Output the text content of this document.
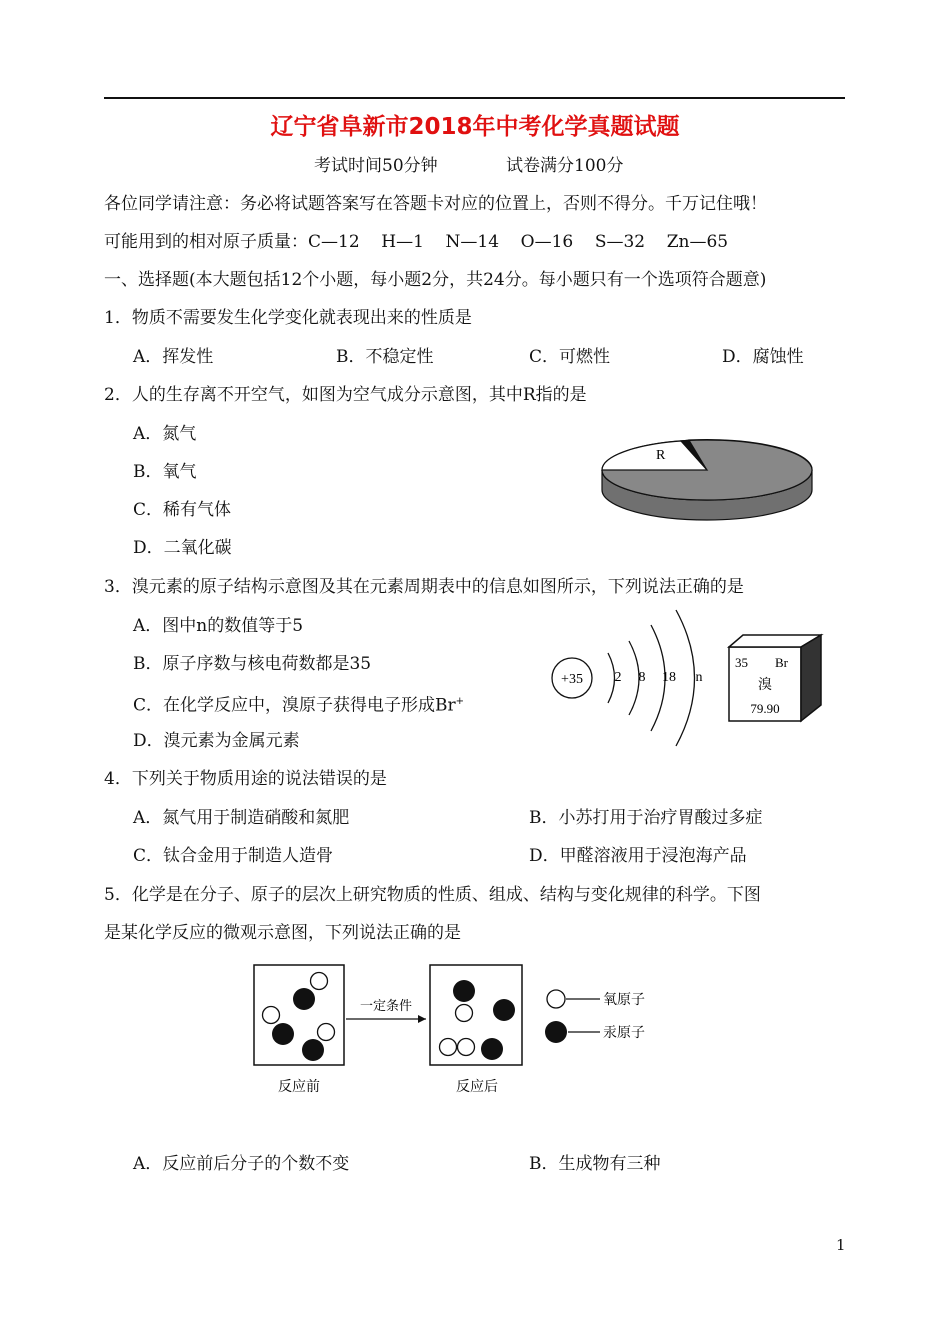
辽宁省阜新市2018年中考化学真题试题
考试时间50分钟	试卷满分100分
各位同学请注意：务必将试题答案写在答题卡对应的位置上，否则不得分。千万记住哦！
可能用到的相对原子质量：C—12    H—1    N—14    O—16    S—32    Zn—65
一、选择题(本大题包括12个小题，每小题2分，共24分。每小题只有一个选项符合题意)
1．物质不需要发生化学变化就表现出来的性质是
A．挥发性	B．不稳定性	C．可燃性	D．腐蚀性
2．人的生存离不开空气，如图为空气成分示意图，其中R指的是
A．氮气
B．氧气
C．稀有气体
D．二氧化碳
R
3．溴元素的原子结构示意图及其在元素周期表中的信息如图所示，下列说法正确的是
A．图中n的数值等于5
B．原子序数与核电荷数都是35
C．在化学反应中，溴原子获得电子形成Br+
D．溴元素为金属元素
+35 2 8 18 n
35 Br
溴
79.90
4．下列关于物质用途的说法错误的是
A．氮气用于制造硝酸和氮肥	B．小苏打用于治疗胃酸过多症
C．钛合金用于制造人造骨	D．甲醛溶液用于浸泡海产品
5．化学是在分子、原子的层次上研究物质的性质、组成、结构与变化规律的科学。下图
是某化学反应的微观示意图，下列说法正确的是
反应前
一定条件
反应后
氧原子
汞原子
A．反应前后分子的个数不变	B．生成物有三种
1
